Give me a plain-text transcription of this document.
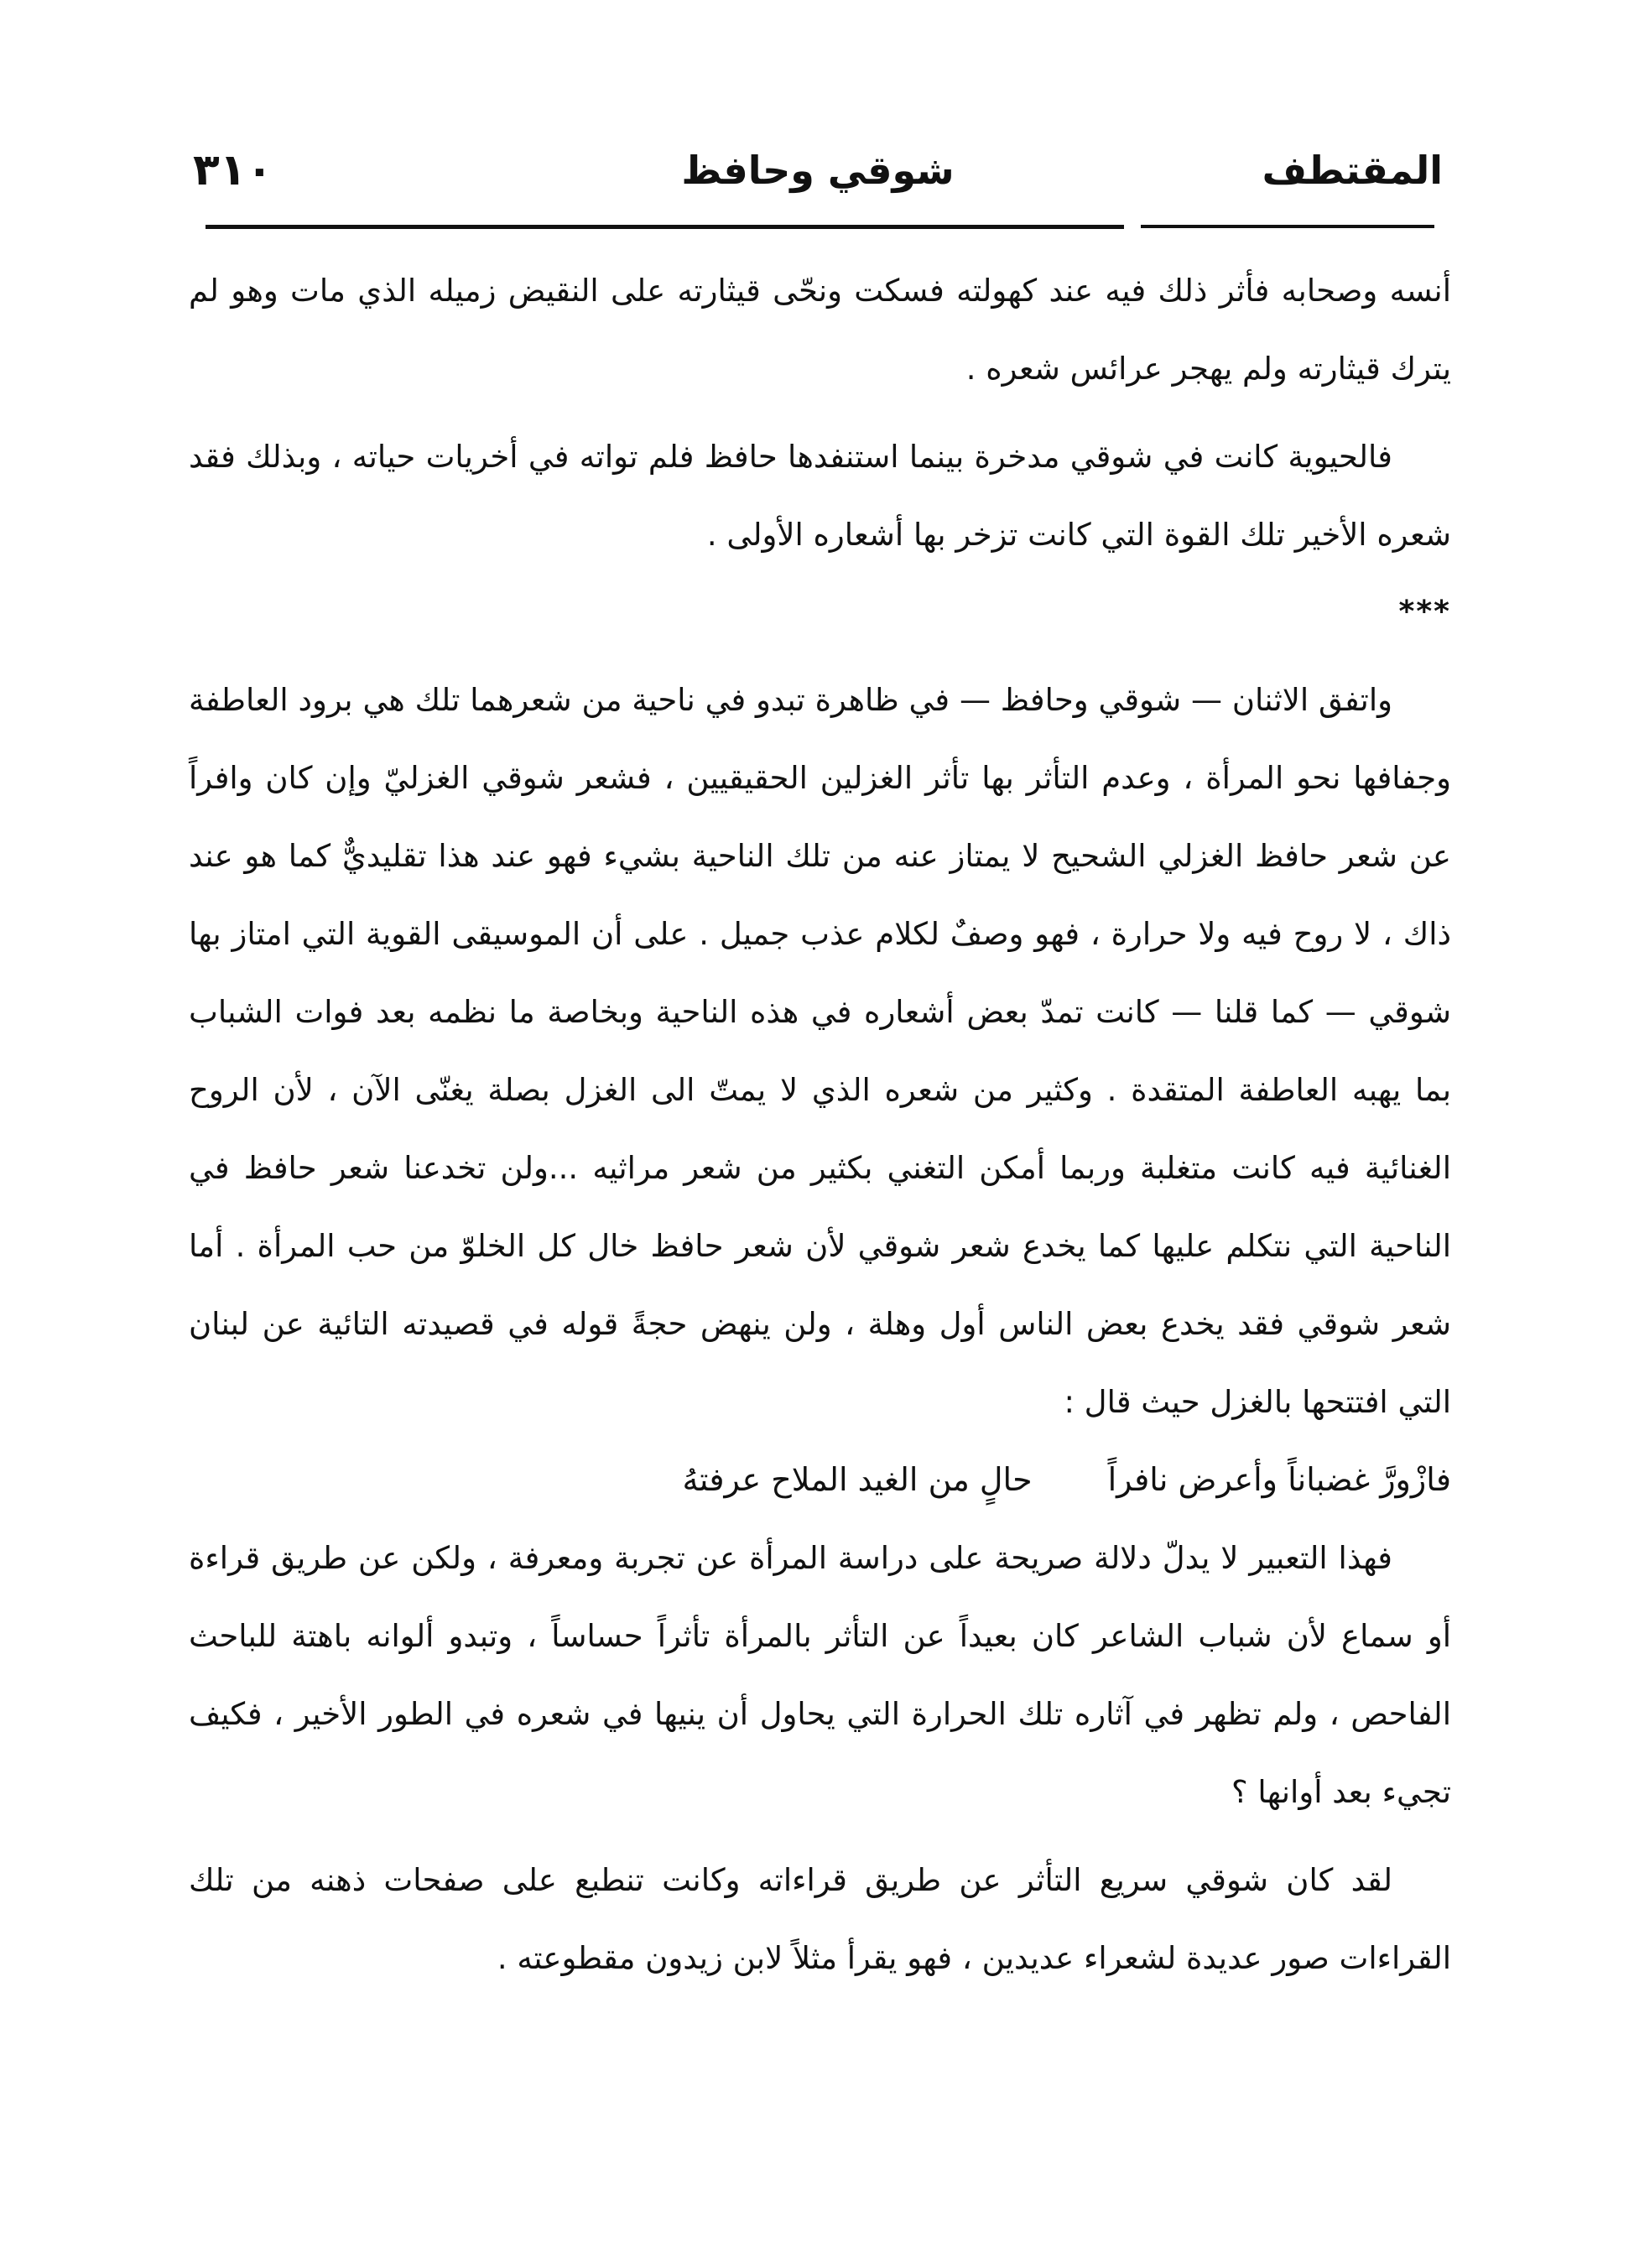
المقتطف
شوقي وحافظ
٣١٠

أنسه وصحابه فأثر ذلك فيه عند كهولته فسكت ونحّى قيثارته على النقيض زميله الذي مات وهو لم يترك قيثارته ولم يهجر عرائس شعره .

فالحيوية كانت في شوقي مدخرة بينما استنفدها حافظ فلم تواته في أخريات حياته ، وبذلك فقد شعره الأخير تلك القوة التي كانت تزخر بها أشعاره الأولى .

***

واتفق الاثنان — شوقي وحافظ — في ظاهرة تبدو في ناحية من شعرهما تلك هي برود العاطفة وجفافها نحو المرأة ، وعدم التأثر بها تأثر الغزلين الحقيقيين ، فشعر شوقي الغزليّ وإن كان وافراً عن شعر حافظ الغزلي الشحيح لا يمتاز عنه من تلك الناحية بشيء فهو عند هذا تقليديٌّ كما هو عند ذاك ، لا روح فيه ولا حرارة ، فهو وصفٌ لكلام عذب جميل . على أن الموسيقى القوية التي امتاز بها شوقي — كما قلنا — كانت تمدّ بعض أشعاره في هذه الناحية وبخاصة ما نظمه بعد فوات الشباب بما يهبه العاطفة المتقدة . وكثير من شعره الذي لا يمتّ الى الغزل بصلة يغنّى الآن ، لأن الروح الغنائية فيه كانت متغلبة وربما أمكن التغني بكثير من شعر مراثيه ...ولن تخدعنا شعر حافظ في الناحية التي نتكلم عليها كما يخدع شعر شوقي لأن شعر حافظ خال كل الخلوّ من حب المرأة . أما شعر شوقي فقد يخدع بعض الناس أول وهلة ، ولن ينهض حجةً قوله في قصيدته التائية عن لبنان التي افتتحها بالغزل حيث قال :

فازْورَّ غضباناً وأعرض نافراًحالٍ من الغيد الملاح عرفتهُ

فهذا التعبير لا يدلّ دلالة صريحة على دراسة المرأة عن تجربة ومعرفة ، ولكن عن طريق قراءة أو سماع لأن شباب الشاعر كان بعيداً عن التأثر بالمرأة تأثراً حساساً ، وتبدو ألوانه باهتة للباحث الفاحص ، ولم تظهر في آثاره تلك الحرارة التي يحاول أن ينيها في شعره في الطور الأخير ، فكيف تجيء بعد أوانها ؟

لقد كان شوقي سريع التأثر عن طريق قراءاته وكانت تنطبع على صفحات ذهنه من تلك القراءات صور عديدة لشعراء عديدين ، فهو يقرأ مثلاً لابن زيدون مقطوعته .
